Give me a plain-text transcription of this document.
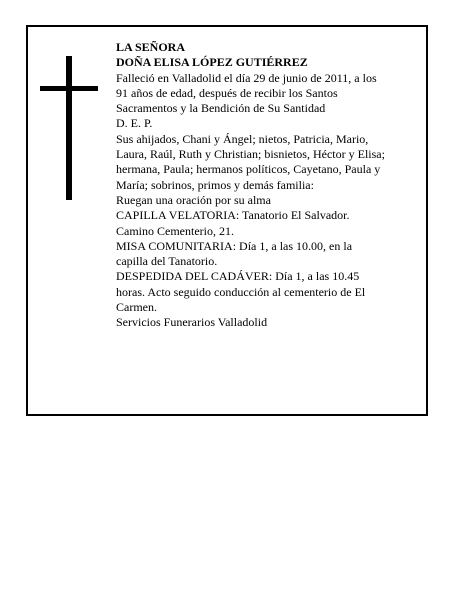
LA SEÑORA
DOÑA ELISA LÓPEZ GUTIÉRREZ
Falleció en Valladolid el día 29 de junio de 2011, a los
91 años de edad, después de recibir los Santos
Sacramentos y la Bendición de Su Santidad
D. E. P.
Sus ahijados, Chani y Ángel; nietos, Patricia, Mario,
Laura, Raúl, Ruth y Christian; bisnietos, Héctor y Elisa;
hermana, Paula; hermanos políticos, Cayetano, Paula y
María; sobrinos, primos y demás familia:
Ruegan una oración por su alma
CAPILLA VELATORIA: Tanatorio El Salvador.
Camino Cementerio, 21.
MISA COMUNITARIA: Día 1, a las 10.00, en la
capilla del Tanatorio.
DESPEDIDA DEL CADÁVER: Día 1, a las 10.45
horas. Acto seguido conducción al cementerio de El
Carmen.
Servicios Funerarios Valladolid
